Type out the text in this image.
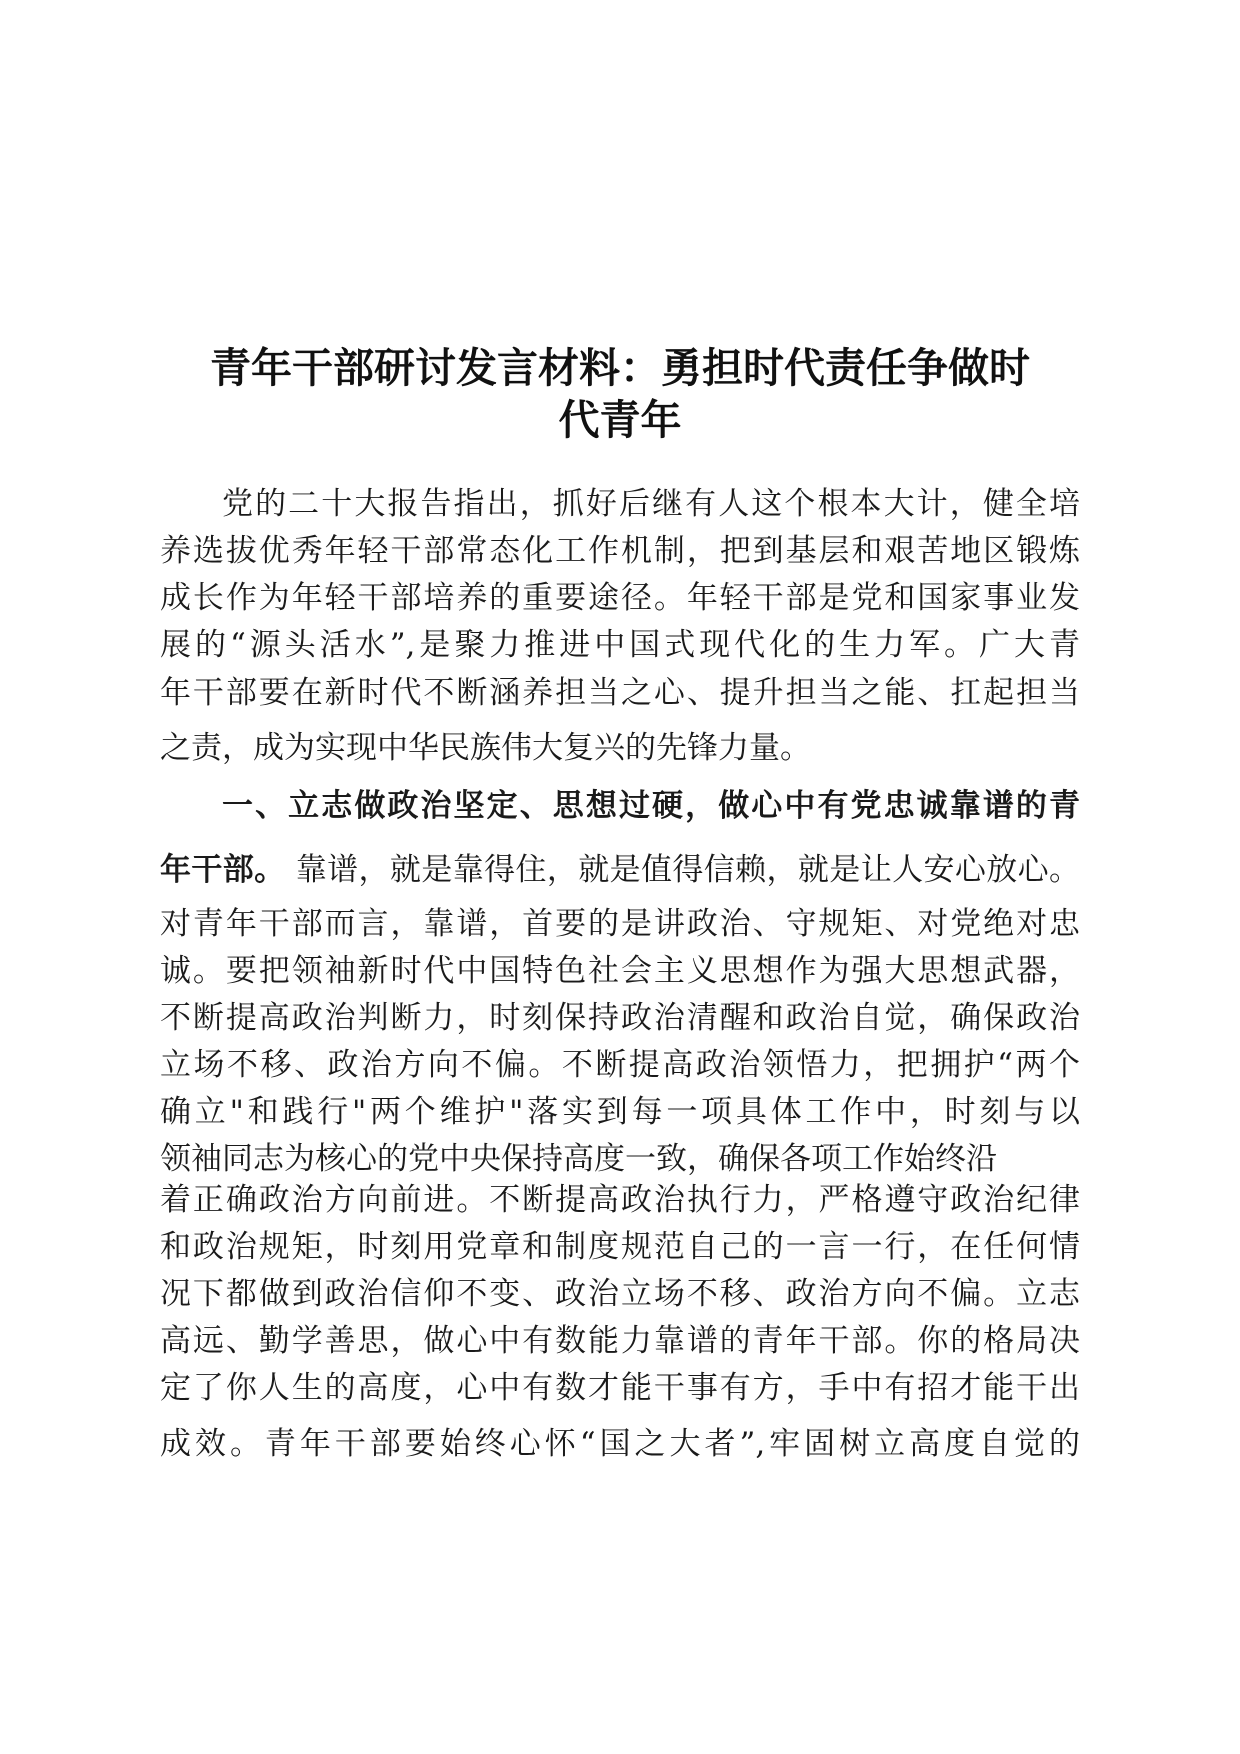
青年干部研讨发言材料：勇担时代责任争做时
代青年
党的二十大报告指出，抓好后继有人这个根本大计，健全培
养选拔优秀年轻干部常态化工作机制，把到基层和艰苦地区锻炼
成长作为年轻干部培养的重要途径。年轻干部是党和国家事业发
展的“源头活水”,是聚力推进中国式现代化的生力军。广大青
年干部要在新时代不断涵养担当之心、提升担当之能、扛起担当
之责，成为实现中华民族伟大复兴的先锋力量。
一、立志做政治坚定、思想过硬，做心中有党忠诚靠谱的青
年干部。 靠谱，就是靠得住，就是值得信赖，就是让人安心放心。
对青年干部而言，靠谱，首要的是讲政治、守规矩、对党绝对忠
诚。要把领袖新时代中国特色社会主义思想作为强大思想武器，
不断提高政治判断力，时刻保持政治清醒和政治自觉，确保政治
立场不移、政治方向不偏。不断提高政治领悟力，把拥护“两个
确立"和践行"两个维护"落实到每一项具体工作中，时刻与以
领袖同志为核心的党中央保持高度一致，确保各项工作始终沿
着正确政治方向前进。不断提高政治执行力，严格遵守政治纪律
和政治规矩，时刻用党章和制度规范自己的一言一行，在任何情
况下都做到政治信仰不变、政治立场不移、政治方向不偏。立志
高远、勤学善思，做心中有数能力靠谱的青年干部。你的格局决
定了你人生的高度，心中有数才能干事有方，手中有招才能干出
成效。青年干部要始终心怀“国之大者”,牢固树立高度自觉的
